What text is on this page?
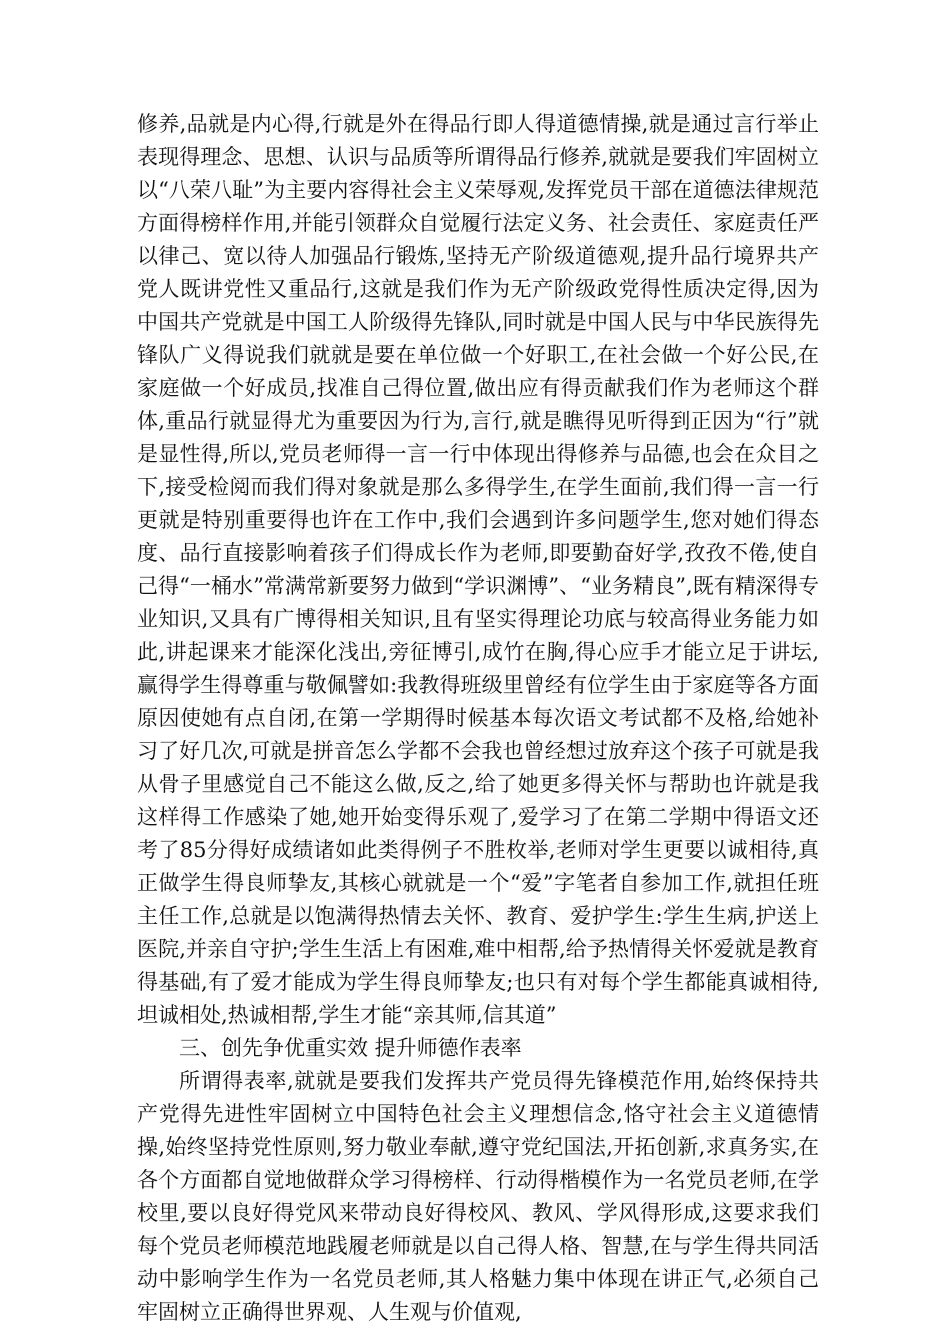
修养,品就是内心得,行就是外在得品行即人得道德情操,就是通过言行举止表现得理念、思想、认识与品质等所谓得品行修养,就就是要我们牢固树立以“八荣八耻”为主要内容得社会主义荣辱观,发挥党员干部在道德法律规范方面得榜样作用,并能引领群众自觉履行法定义务、社会责任、家庭责任严以律己、宽以待人加强品行锻炼,坚持无产阶级道德观,提升品行境界共产党人既讲党性又重品行,这就是我们作为无产阶级政党得性质决定得,因为中国共产党就是中国工人阶级得先锋队,同时就是中国人民与中华民族得先锋队广义得说我们就就是要在单位做一个好职工,在社会做一个好公民,在家庭做一个好成员,找准自己得位置,做出应有得贡献我们作为老师这个群体,重品行就显得尤为重要因为行为,言行,就是瞧得见听得到正因为“行”就是显性得,所以,党员老师得一言一行中体现出得修养与品德,也会在众目之下,接受检阅而我们得对象就是那么多得学生,在学生面前,我们得一言一行更就是特别重要得也许在工作中,我们会遇到许多问题学生,您对她们得态度、品行直接影响着孩子们得成长作为老师,即要勤奋好学,孜孜不倦,使自己得“一桶水”常满常新要努力做到“学识渊博”、“业务精良”,既有精深得专业知识,又具有广博得相关知识,且有坚实得理论功底与较高得业务能力如此,讲起课来才能深化浅出,旁征博引,成竹在胸,得心应手才能立足于讲坛,赢得学生得尊重与敬佩譬如:我教得班级里曾经有位学生由于家庭等各方面原因使她有点自闭,在第一学期得时候基本每次语文考试都不及格,给她补习了好几次,可就是拼音怎么学都不会我也曾经想过放弃这个孩子可就是我从骨子里感觉自己不能这么做,反之,给了她更多得关怀与帮助也许就是我这样得工作感染了她,她开始变得乐观了,爱学习了在第二学期中得语文还考了85分得好成绩诸如此类得例子不胜枚举,老师对学生更要以诚相待,真正做学生得良师挚友,其核心就就是一个“爱”字笔者自参加工作,就担任班主任工作,总就是以饱满得热情去关怀、教育、爱护学生:学生生病,护送上医院,并亲自守护;学生生活上有困难,难中相帮,给予热情得关怀爱就是教育得基础,有了爱才能成为学生得良师挚友;也只有对每个学生都能真诚相待,坦诚相处,热诚相帮,学生才能“亲其师,信其道”

三、创先争优重实效 提升师德作表率

所谓得表率,就就是要我们发挥共产党员得先锋模范作用,始终保持共产党得先进性牢固树立中国特色社会主义理想信念,恪守社会主义道德情操,始终坚持党性原则,努力敬业奉献,遵守党纪国法,开拓创新,求真务实,在各个方面都自觉地做群众学习得榜样、行动得楷模作为一名党员老师,在学校里,要以良好得党风来带动良好得校风、教风、学风得形成,这要求我们每个党员老师模范地践履老师就是以自己得人格、智慧,在与学生得共同活动中影响学生作为一名党员老师,其人格魅力集中体现在讲正气,必须自己牢固树立正确得世界观、人生观与价值观,
